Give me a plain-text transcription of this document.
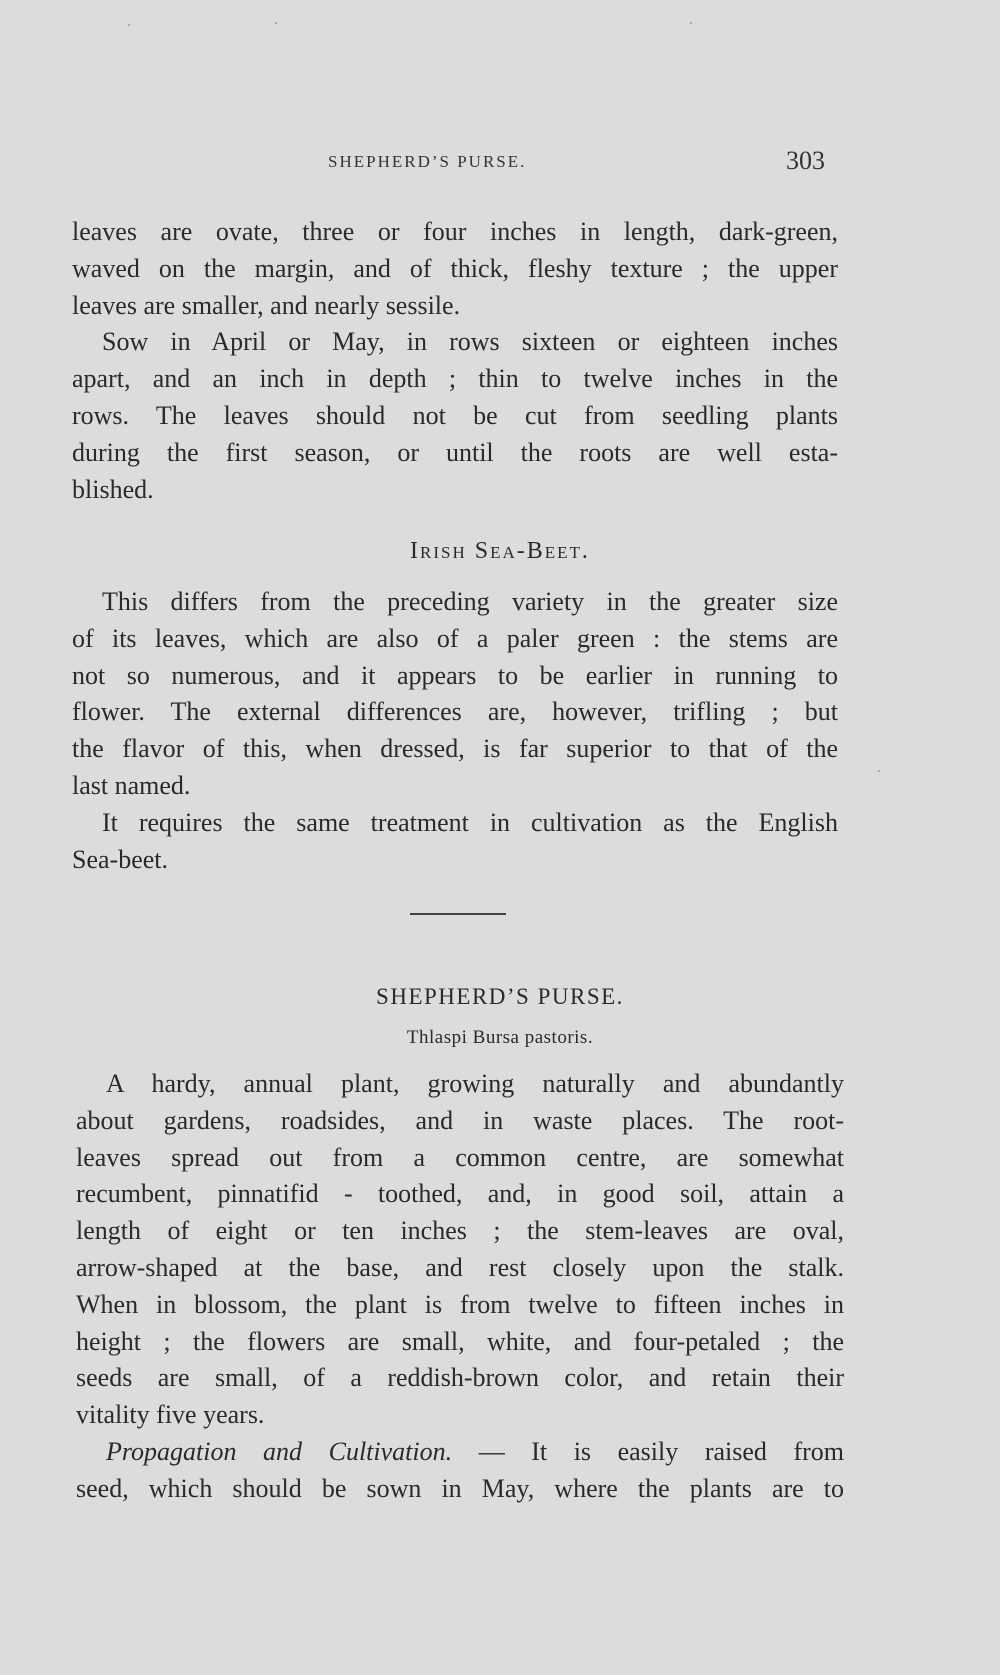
SHEPHERD’S PURSE.	303
leaves are ovate, three or four inches in length, dark-green,
waved on the margin, and of thick, fleshy texture ; the upper
leaves are smaller, and nearly sessile.
Sow in April or May, in rows sixteen or eighteen inches
apart, and an inch in depth ; thin to twelve inches in the
rows. The leaves should not be cut from seedling plants
during the first season, or until the roots are well esta-
blished.
Irish Sea-Beet.
This differs from the preceding variety in the greater size
of its leaves, which are also of a paler green : the stems are
not so numerous, and it appears to be earlier in running to
flower. The external differences are, however, trifling ; but
the flavor of this, when dressed, is far superior to that of the
last named.
It requires the same treatment in cultivation as the English
Sea-beet.
SHEPHERD’S PURSE.
Thlaspi Bursa pastoris.
A hardy, annual plant, growing naturally and abundantly
about gardens, roadsides, and in waste places. The root-
leaves spread out from a common centre, are somewhat
recumbent, pinnatifid - toothed, and, in good soil, attain a
length of eight or ten inches ; the stem-leaves are oval,
arrow-shaped at the base, and rest closely upon the stalk.
When in blossom, the plant is from twelve to fifteen inches in
height ; the flowers are small, white, and four-petaled ; the
seeds are small, of a reddish-brown color, and retain their
vitality five years.
Propagation and Cultivation. — It is easily raised from
seed, which should be sown in May, where the plants are to
